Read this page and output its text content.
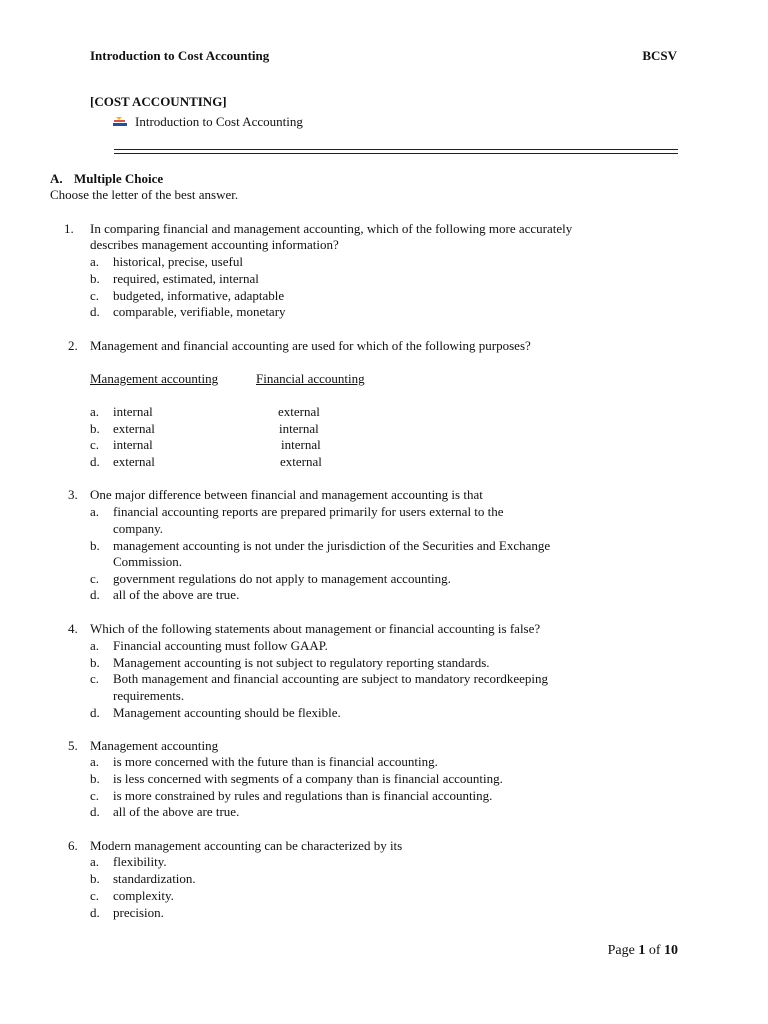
Introduction to Cost Accounting	BCSV
[COST ACCOUNTING]
Introduction to Cost Accounting
A. Multiple Choice
Choose the letter of the best answer.
1. In comparing financial and management accounting, which of the following more accurately
describes management accounting information?
a. historical, precise, useful
b. required, estimated, internal
c. budgeted, informative, adaptable
d. comparable, verifiable, monetary
2. Management and financial accounting are used for which of the following purposes?
Management accounting	Financial accounting
a. internal	external
b. external	internal
c. internal	internal
d. external	external
3. One major difference between financial and management accounting is that
a. financial accounting reports are prepared primarily for users external to the
company.
b. management accounting is not under the jurisdiction of the Securities and Exchange
Commission.
c. government regulations do not apply to management accounting.
d. all of the above are true.
4. Which of the following statements about management or financial accounting is false?
a. Financial accounting must follow GAAP.
b. Management accounting is not subject to regulatory reporting standards.
c. Both management and financial accounting are subject to mandatory recordkeeping
requirements.
d. Management accounting should be flexible.
5. Management accounting
a. is more concerned with the future than is financial accounting.
b. is less concerned with segments of a company than is financial accounting.
c. is more constrained by rules and regulations than is financial accounting.
d. all of the above are true.
6. Modern management accounting can be characterized by its
a. flexibility.
b. standardization.
c. complexity.
d. precision.
Page 1 of 10
